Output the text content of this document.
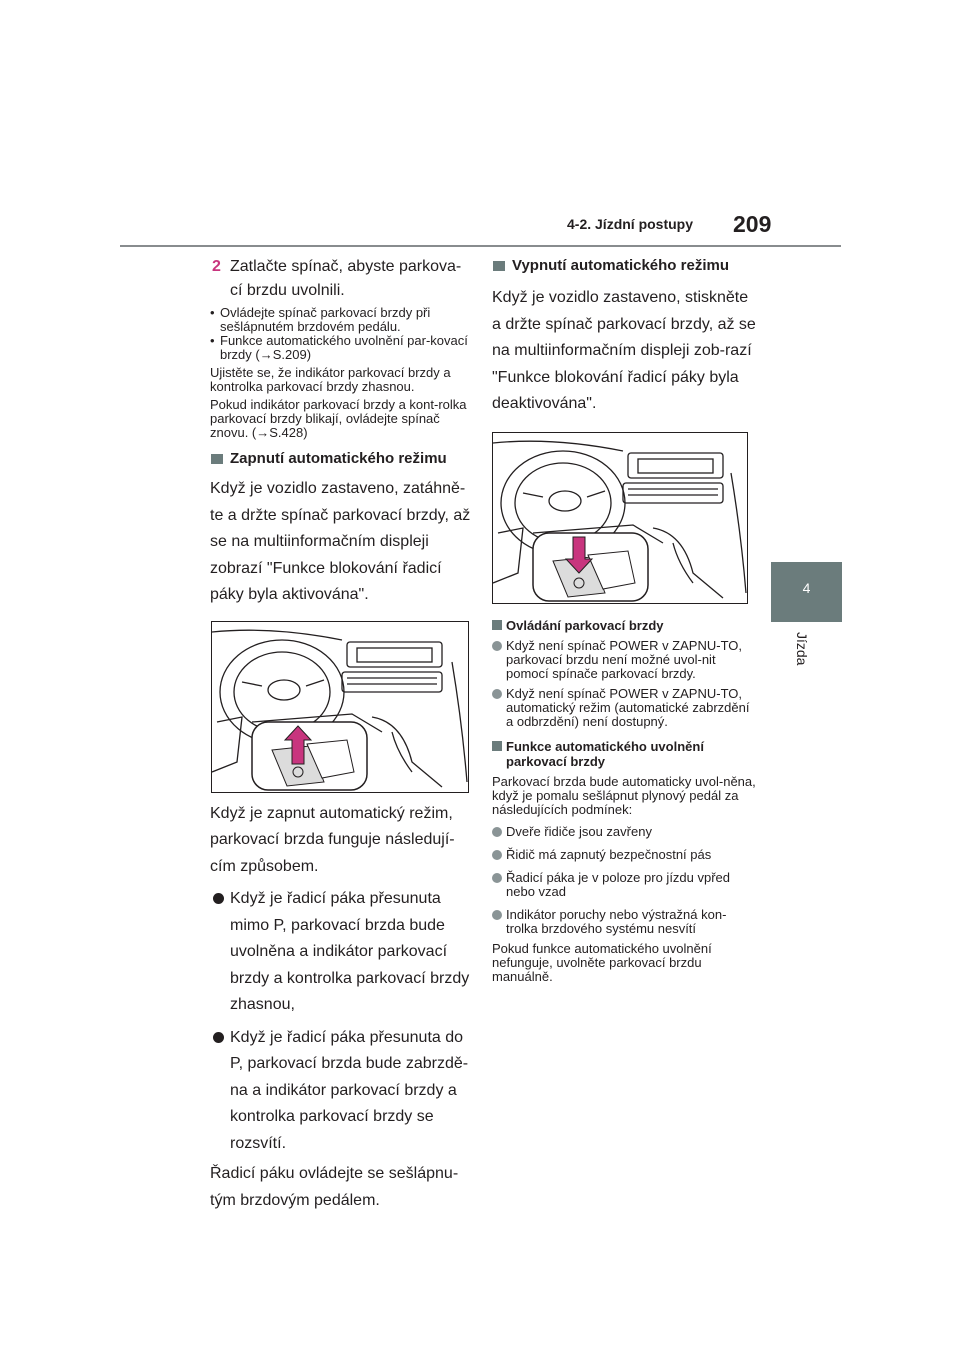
4-2. Jízdní postupy 209
4
Jízda
2 Zatlačte spínač, abyste parkova-cí brzdu uvolnili.
• Ovládejte spínač parkovací brzdy při sešlápnutém brzdovém pedálu.
• Funkce automatického uvolnění par-kovací brzdy (→S.209)
Ujistěte se, že indikátor parkovací brzdy a kontrolka parkovací brzdy zhasnou.
Pokud indikátor parkovací brzdy a kont-rolka parkovací brzdy blikají, ovládejte spínač znovu. (→S.428)
Zapnutí automatického režimu
Když je vozidlo zastaveno, zatáhně-te a držte spínač parkovací brzdy, až se na multiinformačním displeji zobrazí "Funkce blokování řadicí páky byla aktivována".
Když je zapnut automatický režim, parkovací brzda funguje následují-cím způsobem.
Když je řadicí páka přesunuta mimo P, parkovací brzda bude uvolněna a indikátor parkovací brzdy a kontrolka parkovací brzdy zhasnou,
Když je řadicí páka přesunuta do P, parkovací brzda bude zabrzdě-na a indikátor parkovací brzdy a kontrolka parkovací brzdy se rozsvítí.
Řadicí páku ovládejte se sešlápnu-tým brzdovým pedálem.
Vypnutí automatického režimu
Když je vozidlo zastaveno, stiskněte a držte spínač parkovací brzdy, až se na multiinformačním displeji zob-razí "Funkce blokování řadicí páky byla deaktivována".
Ovládání parkovací brzdy
Když není spínač POWER v ZAPNU-TO, parkovací brzdu není možné uvol-nit pomocí spínače parkovací brzdy.
Když není spínač POWER v ZAPNU-TO, automatický režim (automatické zabrzdění a odbrzdění) není dostupný.
Funkce automatického uvolnění parkovací brzdy
Parkovací brzda bude automaticky uvol-něna, když je pomalu sešlápnut plynový pedál za následujících podmínek:
Dveře řidiče jsou zavřeny
Řidič má zapnutý bezpečnostní pás
Řadicí páka je v poloze pro jízdu vpřed nebo vzad
Indikátor poruchy nebo výstražná kon-trolka brzdového systému nesvítí
Pokud funkce automatického uvolnění nefunguje, uvolněte parkovací brzdu manuálně.
